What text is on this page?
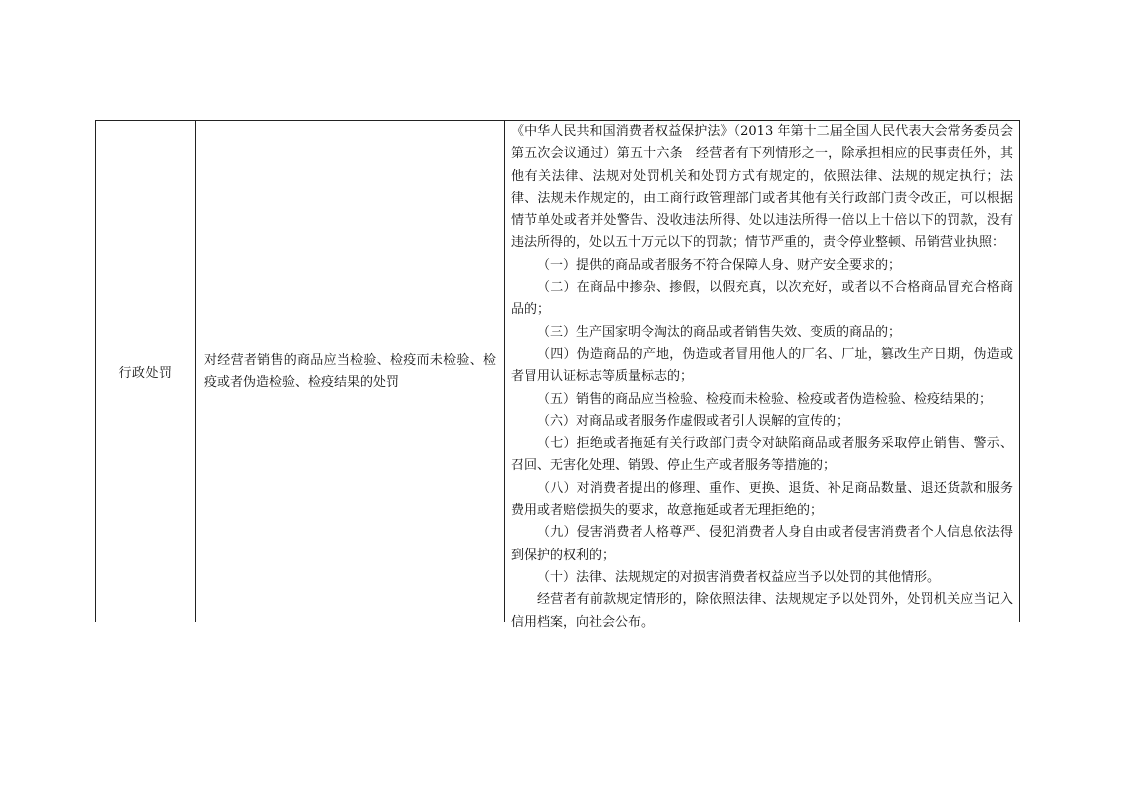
行政处罚
对经营者销售的商品应当检验、检疫而未检验、检疫或者伪造检验、检疫结果的处罚

《中华人民共和国消费者权益保护法》（2013 年第十二届全国人民代表大会常务委员会第五次会议通过）第五十六条　经营者有下列情形之一，除承担相应的民事责任外，其他有关法律、法规对处罚机关和处罚方式有规定的，依照法律、法规的规定执行；法律、法规未作规定的，由工商行政管理部门或者其他有关行政部门责令改正，可以根据情节单处或者并处警告、没收违法所得、处以违法所得一倍以上十倍以下的罚款，没有违法所得的，处以五十万元以下的罚款；情节严重的，责令停业整顿、吊销营业执照：

（一）提供的商品或者服务不符合保障人身、财产安全要求的；

（二）在商品中掺杂、掺假，以假充真，以次充好，或者以不合格商品冒充合格商品的；

（三）生产国家明令淘汰的商品或者销售失效、变质的商品的；

（四）伪造商品的产地，伪造或者冒用他人的厂名、厂址，篡改生产日期，伪造或者冒用认证标志等质量标志的；

（五）销售的商品应当检验、检疫而未检验、检疫或者伪造检验、检疫结果的；

（六）对商品或者服务作虚假或者引人误解的宣传的；

（七）拒绝或者拖延有关行政部门责令对缺陷商品或者服务采取停止销售、警示、召回、无害化处理、销毁、停止生产或者服务等措施的；

（八）对消费者提出的修理、重作、更换、退货、补足商品数量、退还货款和服务费用或者赔偿损失的要求，故意拖延或者无理拒绝的；

（九）侵害消费者人格尊严、侵犯消费者人身自由或者侵害消费者个人信息依法得到保护的权利的；

（十）法律、法规规定的对损害消费者权益应当予以处罚的其他情形。

经营者有前款规定情形的，除依照法律、法规规定予以处罚外，处罚机关应当记入信用档案，向社会公布。
